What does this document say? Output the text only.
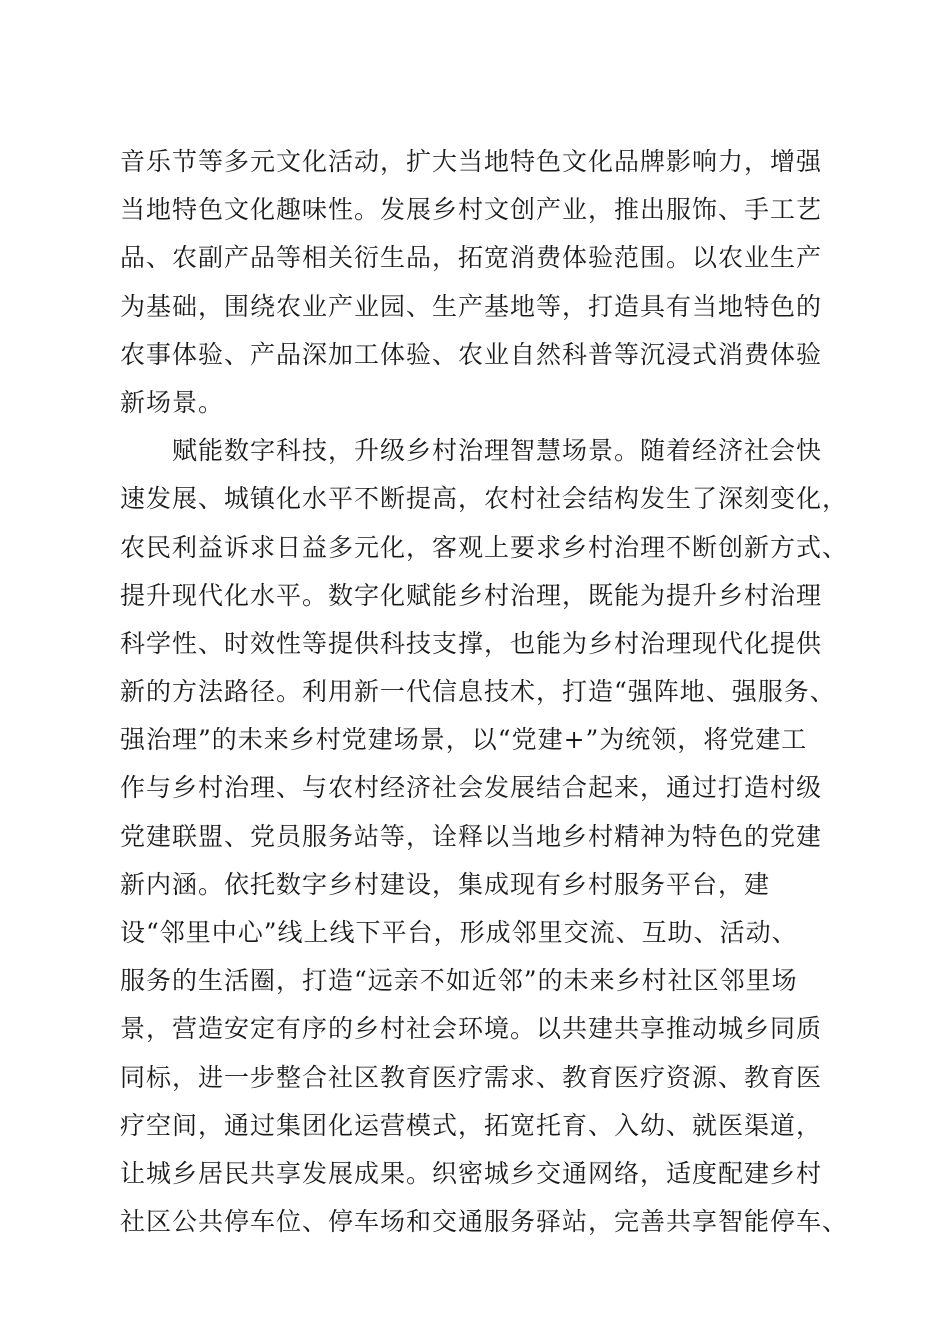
音乐节等多元文化活动，扩大当地特色文化品牌影响力，增强
当地特色文化趣味性。发展乡村文创产业，推出服饰、手工艺
品、农副产品等相关衍生品，拓宽消费体验范围。以农业生产
为基础，围绕农业产业园、生产基地等，打造具有当地特色的
农事体验、产品深加工体验、农业自然科普等沉浸式消费体验
新场景。
赋能数字科技，升级乡村治理智慧场景。随着经济社会快
速发展、城镇化水平不断提高，农村社会结构发生了深刻变化，
农民利益诉求日益多元化，客观上要求乡村治理不断创新方式、
提升现代化水平。数字化赋能乡村治理，既能为提升乡村治理
科学性、时效性等提供科技支撑，也能为乡村治理现代化提供
新的方法路径。利用新一代信息技术，打造“强阵地、强服务、
强治理”的未来乡村党建场景，以“党建+”为统领，将党建工
作与乡村治理、与农村经济社会发展结合起来，通过打造村级
党建联盟、党员服务站等，诠释以当地乡村精神为特色的党建
新内涵。依托数字乡村建设，集成现有乡村服务平台，建
设“邻里中心”线上线下平台，形成邻里交流、互助、活动、
服务的生活圈，打造“远亲不如近邻”的未来乡村社区邻里场
景，营造安定有序的乡村社会环境。以共建共享推动城乡同质
同标，进一步整合社区教育医疗需求、教育医疗资源、教育医
疗空间，通过集团化运营模式，拓宽托育、入幼、就医渠道，
让城乡居民共享发展成果。织密城乡交通网络，适度配建乡村
社区公共停车位、停车场和交通服务驿站，完善共享智能停车、
